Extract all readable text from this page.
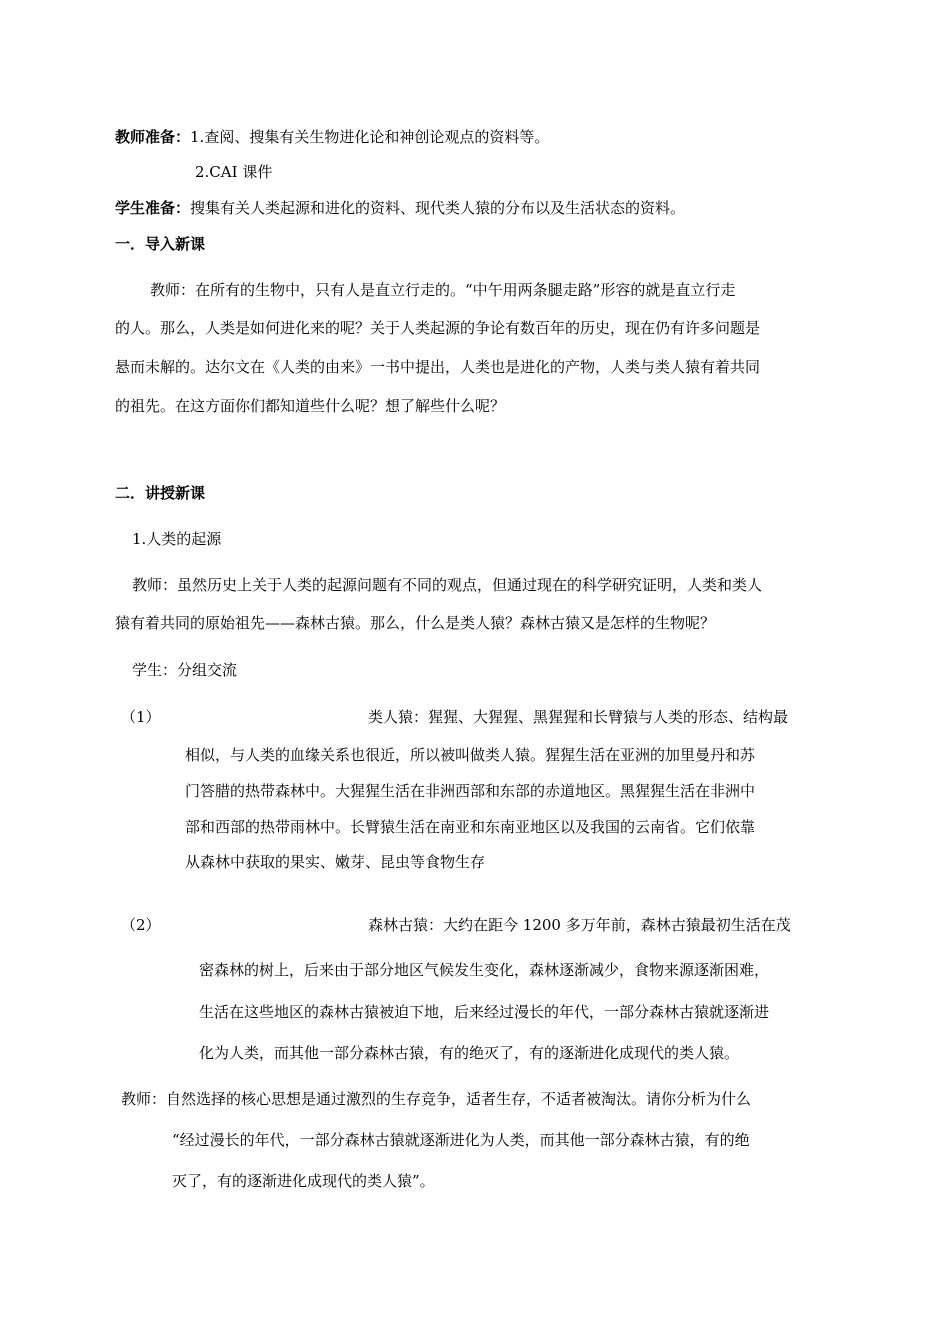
教师准备：1.查阅、搜集有关生物进化论和神创论观点的资料等。
2.CAI 课件
学生准备：搜集有关人类起源和进化的资料、现代类人猿的分布以及生活状态的资料。
一．导入新课
教师：在所有的生物中，只有人是直立行走的。“中午用两条腿走路”形容的就是直立行走
的人。那么，人类是如何进化来的呢？关于人类起源的争论有数百年的历史，现在仍有许多问题是
悬而未解的。达尔文在《人类的由来》一书中提出，人类也是进化的产物，人类与类人猿有着共同
的祖先。在这方面你们都知道些什么呢？想了解些什么呢？
二．讲授新课
1.人类的起源
教师：虽然历史上关于人类的起源问题有不同的观点，但通过现在的科学研究证明，人类和类人
猿有着共同的原始祖先——森林古猿。那么，什么是类人猿？森林古猿又是怎样的生物呢？
学生：分组交流
（1）	类人猿：猩猩、大猩猩、黑猩猩和长臂猿与人类的形态、结构最
相似，与人类的血缘关系也很近，所以被叫做类人猿。猩猩生活在亚洲的加里曼丹和苏
门答腊的热带森林中。大猩猩生活在非洲西部和东部的赤道地区。黑猩猩生活在非洲中
部和西部的热带雨林中。长臂猿生活在南亚和东南亚地区以及我国的云南省。它们依靠
从森林中获取的果实、嫩芽、昆虫等食物生存
（2）	森林古猿：大约在距今 1200 多万年前，森林古猿最初生活在茂
密森林的树上，后来由于部分地区气候发生变化，森林逐渐减少，食物来源逐渐困难，
生活在这些地区的森林古猿被迫下地，后来经过漫长的年代，一部分森林古猿就逐渐进
化为人类，而其他一部分森林古猿，有的绝灭了，有的逐渐进化成现代的类人猿。
教师：自然选择的核心思想是通过激烈的生存竞争，适者生存，不适者被淘汰。请你分析为什么
“经过漫长的年代，一部分森林古猿就逐渐进化为人类，而其他一部分森林古猿，有的绝
灭了，有的逐渐进化成现代的类人猿”。
